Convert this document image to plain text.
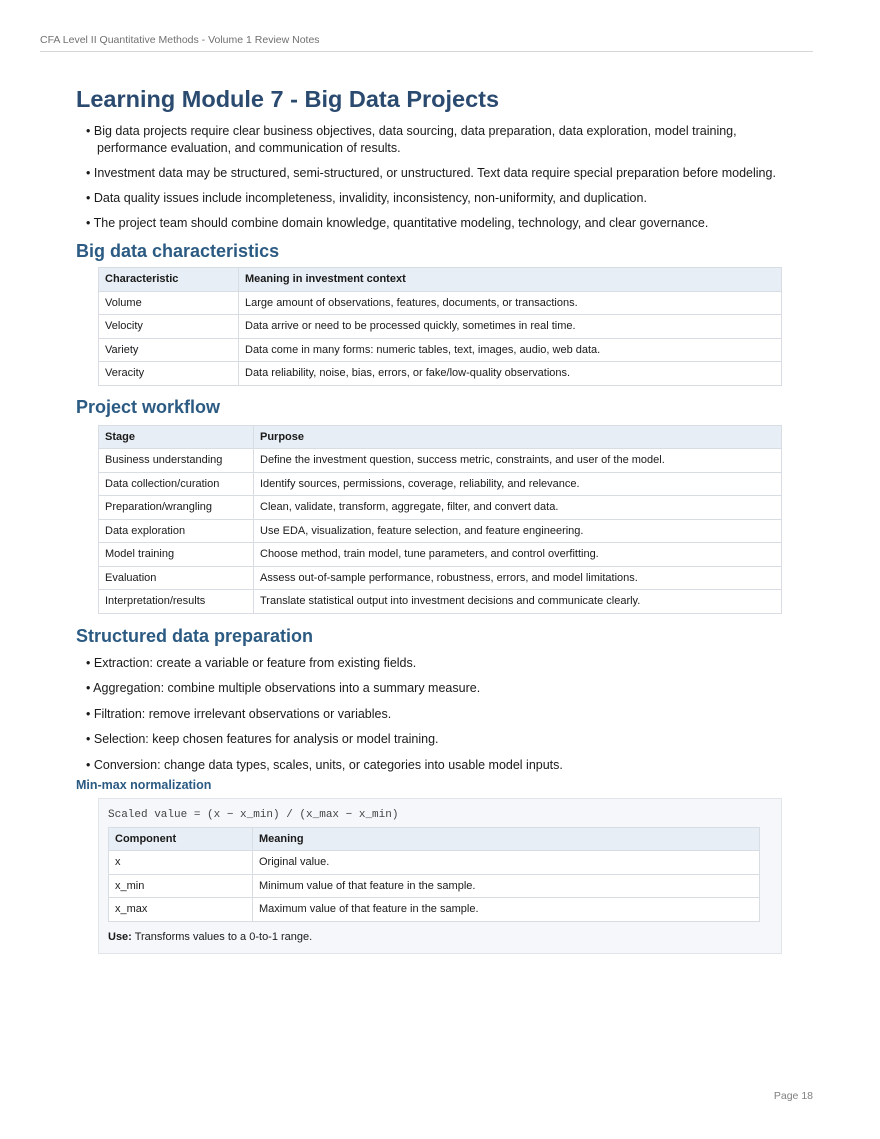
CFA Level II Quantitative Methods - Volume 1 Review Notes
Learning Module 7 - Big Data Projects
• Big data projects require clear business objectives, data sourcing, data preparation, data exploration, model training, performance evaluation, and communication of results.
• Investment data may be structured, semi-structured, or unstructured. Text data require special preparation before modeling.
• Data quality issues include incompleteness, invalidity, inconsistency, non-uniformity, and duplication.
• The project team should combine domain knowledge, quantitative modeling, technology, and clear governance.
Big data characteristics
Characteristic	Meaning in investment context
Volume	Large amount of observations, features, documents, or transactions.
Velocity	Data arrive or need to be processed quickly, sometimes in real time.
Variety	Data come in many forms: numeric tables, text, images, audio, web data.
Veracity	Data reliability, noise, bias, errors, or fake/low-quality observations.
Project workflow
Stage	Purpose
Business understanding	Define the investment question, success metric, constraints, and user of the model.
Data collection/curation	Identify sources, permissions, coverage, reliability, and relevance.
Preparation/wrangling	Clean, validate, transform, aggregate, filter, and convert data.
Data exploration	Use EDA, visualization, feature selection, and feature engineering.
Model training	Choose method, train model, tune parameters, and control overfitting.
Evaluation	Assess out-of-sample performance, robustness, errors, and model limitations.
Interpretation/results	Translate statistical output into investment decisions and communicate clearly.
Structured data preparation
• Extraction: create a variable or feature from existing fields.
• Aggregation: combine multiple observations into a summary measure.
• Filtration: remove irrelevant observations or variables.
• Selection: keep chosen features for analysis or model training.
• Conversion: change data types, scales, units, or categories into usable model inputs.
Min-max normalization
Scaled value = (x − x_min) / (x_max − x_min)
Component	Meaning
x	Original value.
x_min	Minimum value of that feature in the sample.
x_max	Maximum value of that feature in the sample.
Use: Transforms values to a 0-to-1 range.
Page 18
